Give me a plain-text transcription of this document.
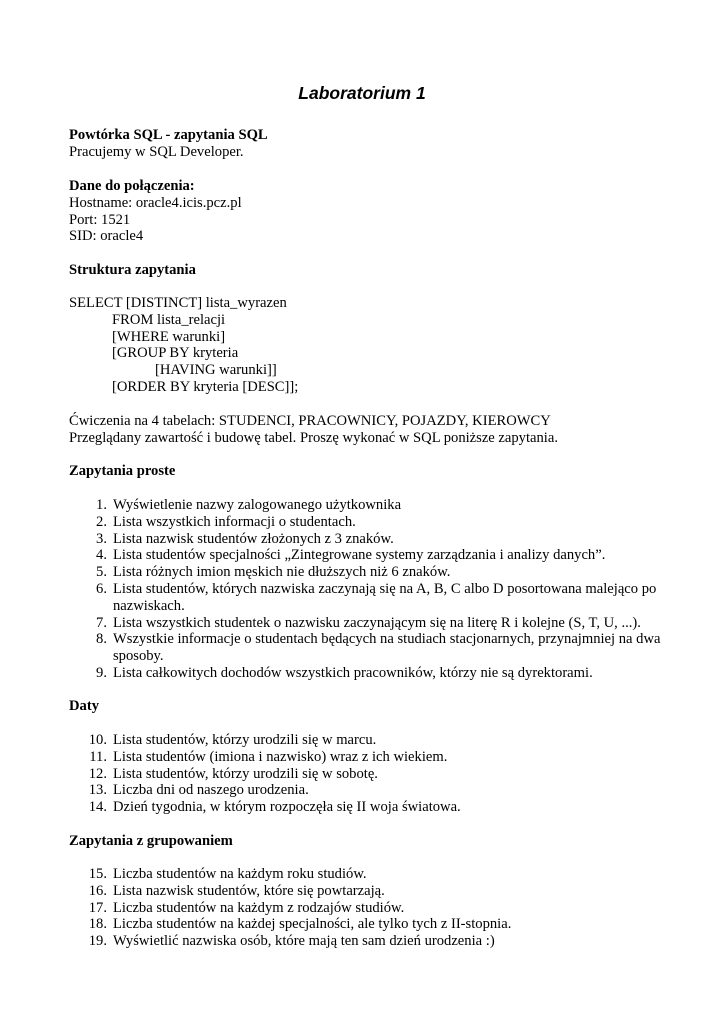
Laboratorium 1
Powtórka SQL - zapytania SQL
Pracujemy w SQL Developer.
Dane do połączenia:
Hostname: oracle4.icis.pcz.pl
Port: 1521
SID: oracle4
Struktura zapytania
SELECT [DISTINCT] lista_wyrazen
FROM lista_relacji
[WHERE warunki]
[GROUP BY kryteria
[HAVING warunki]]
[ORDER BY kryteria [DESC]];
Ćwiczenia na 4 tabelach: STUDENCI, PRACOWNICY, POJAZDY, KIEROWCY
Przeglądany zawartość i budowę tabel. Proszę wykonać w SQL poniższe zapytania.
Zapytania proste
1. Wyświetlenie nazwy zalogowanego użytkownika
2. Lista wszystkich informacji o studentach.
3. Lista nazwisk studentów złożonych z 3 znaków.
4. Lista studentów specjalności „Zintegrowane systemy zarządzania i analizy danych”.
5. Lista różnych imion męskich nie dłuższych niż 6 znaków.
6. Lista studentów, których nazwiska zaczynają się na A, B, C albo D posortowana malejąco po nazwiskach.
7. Lista wszystkich studentek o nazwisku zaczynającym się na literę R i kolejne (S, T, U, ...).
8. Wszystkie informacje o studentach będących na studiach stacjonarnych, przynajmniej na dwa sposoby.
9. Lista całkowitych dochodów wszystkich pracowników, którzy nie są dyrektorami.
Daty
10. Lista studentów, którzy urodzili się w marcu.
11. Lista studentów (imiona i nazwisko) wraz z ich wiekiem.
12. Lista studentów, którzy urodzili się w sobotę.
13. Liczba dni od naszego urodzenia.
14. Dzień tygodnia, w którym rozpoczęła się II woja światowa.
Zapytania z grupowaniem
15. Liczba studentów na każdym roku studiów.
16. Lista nazwisk studentów, które się powtarzają.
17. Liczba studentów na każdym z rodzajów studiów.
18. Liczba studentów na każdej specjalności, ale tylko tych z II-stopnia.
19. Wyświetlić nazwiska osób, które mają ten sam dzień urodzenia :)
